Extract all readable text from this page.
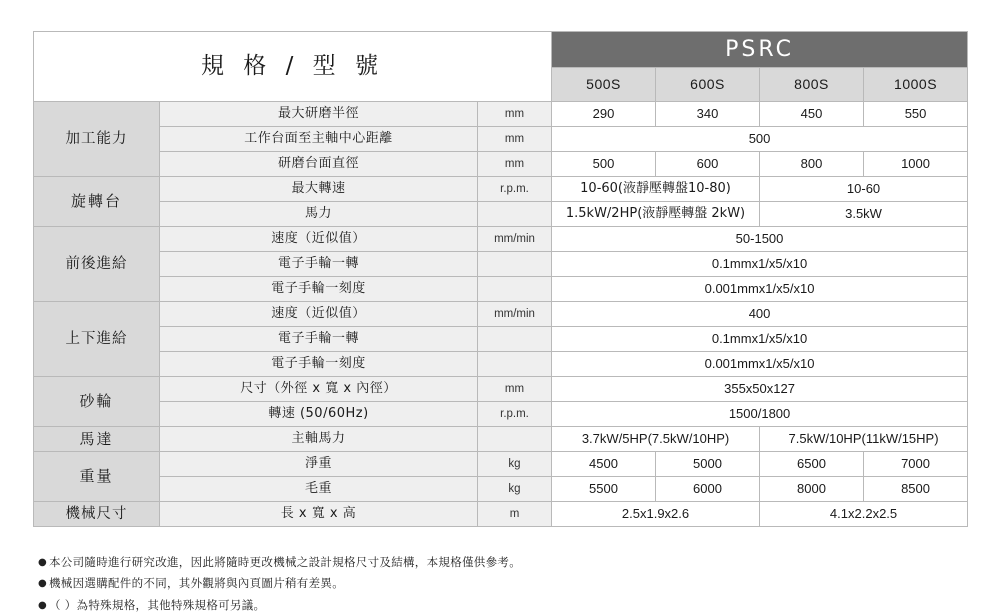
規 格 / 型 號			PSRC			
			500S	600S	800S	1000S
加工能力	最大研磨半徑	mm	290	340	450	550
	工作台面至主軸中心距離	mm	500			
	研磨台面直徑	mm	500	600	800	1000
旋轉台	最大轉速	r.p.m.	10-60(液靜壓轉盤10-80)		10-60	
	馬力		1.5kW/2HP(液靜壓轉盤 2kW)		3.5kW	
前後進給	速度（近似值）	mm/min	50-1500			
	電子手輪一轉		0.1mmx1/x5/x10			
	電子手輪一刻度		0.001mmx1/x5/x10			
上下進給	速度（近似值）	mm/min	400			
	電子手輪一轉		0.1mmx1/x5/x10			
	電子手輪一刻度		0.001mmx1/x5/x10			
砂輪	尺寸（外徑 x 寬 x 內徑）	mm	355x50x127			
	轉速 (50/60Hz)	r.p.m.	1500/1800			
馬達	主軸馬力		3.7kW/5HP(7.5kW/10HP)		7.5kW/10HP(11kW/15HP)	
重量	淨重	kg	4500	5000	6500	7000
	毛重	kg	5500	6000	8000	8500
機械尺寸	長 x 寬 x 高	m	2.5x1.9x2.6		4.1x2.2x2.5	
● 本公司隨時進行研究改進，因此將隨時更改機械之設計規格尺寸及結構，本規格僅供參考。
● 機械因選購配件的不同，其外觀將與內頁圖片稍有差異。
● （ ）為特殊規格，其他特殊規格可另議。
